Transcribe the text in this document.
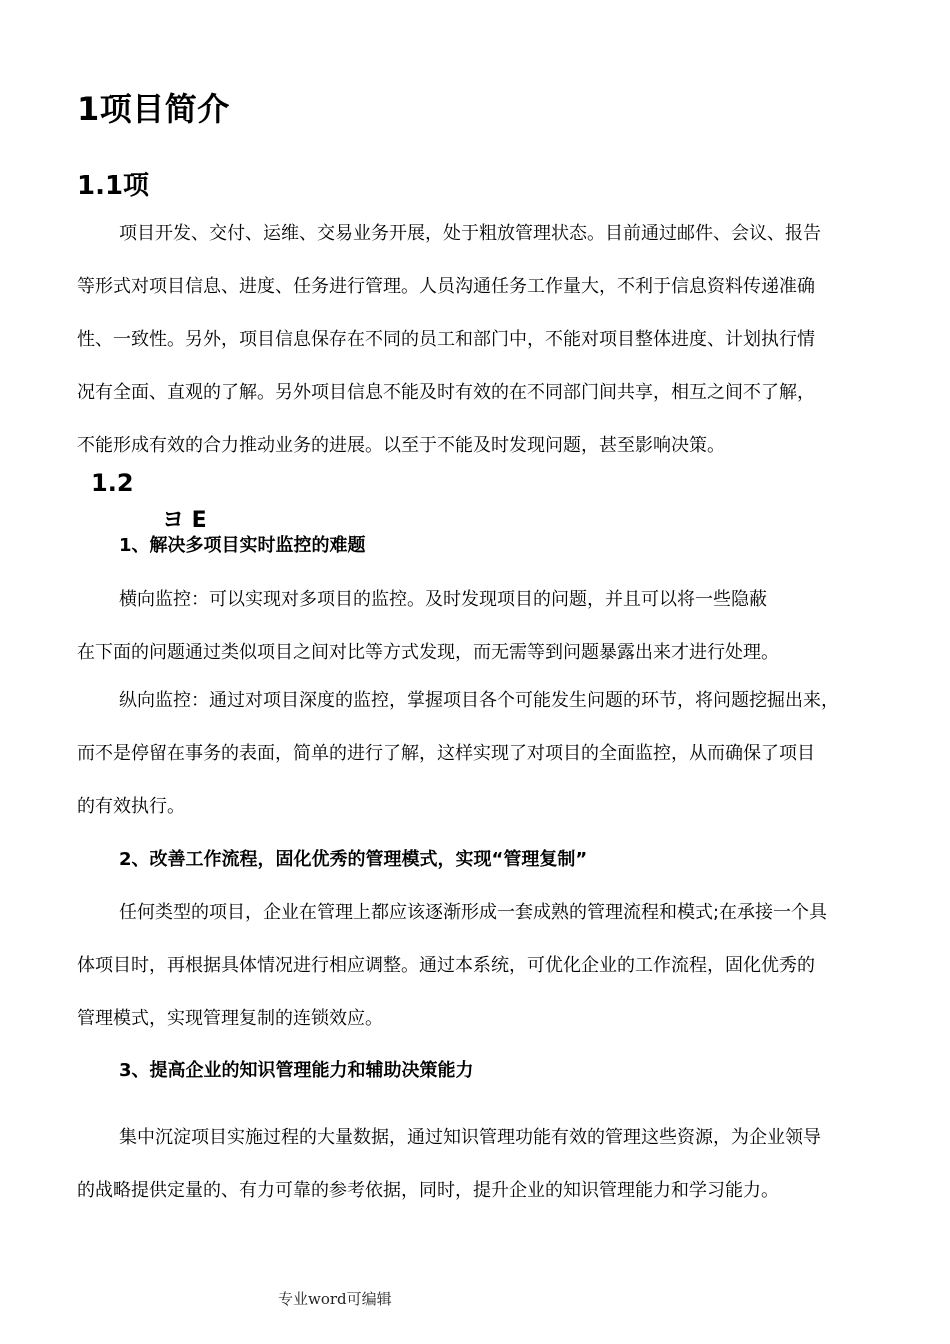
1项目简介
1.1项
项目开发、交付、运维、交易业务开展，处于粗放管理状态。目前通过邮件、会议、报告
等形式对项目信息、进度、任务进行管理。人员沟通任务工作量大，不利于信息资料传递准确
性、一致性。另外，项目信息保存在不同的员工和部门中，不能对项目整体进度、计划执行情
况有全面、直观的了解。另外项目信息不能及时有效的在不同部门间共享，相互之间不了解，
不能形成有效的合力推动业务的进展。以至于不能及时发现问题，甚至影响决策。
1.2
ヨ E
1、解决多项目实时监控的难题
横向监控：可以实现对多项目的监控。及时发现项目的问题，并且可以将一些隐蔽
在下面的问题通过类似项目之间对比等方式发现，而无需等到问题暴露出来才进行处理。
纵向监控：通过对项目深度的监控，掌握项目各个可能发生问题的环节，将问题挖掘出来，
而不是停留在事务的表面，简单的进行了解，这样实现了对项目的全面监控，从而确保了项目
的有效执行。
2、改善工作流程，固化优秀的管理模式，实现“管理复制”
任何类型的项目，企业在管理上都应该逐渐形成一套成熟的管理流程和模式;在承接一个具
体项目时，再根据具体情况进行相应调整。通过本系统，可优化企业的工作流程，固化优秀的
管理模式，实现管理复制的连锁效应。
3、提高企业的知识管理能力和辅助决策能力
集中沉淀项目实施过程的大量数据，通过知识管理功能有效的管理这些资源，为企业领导
的战略提供定量的、有力可靠的参考依据，同时，提升企业的知识管理能力和学习能力。
专业word可编辑
